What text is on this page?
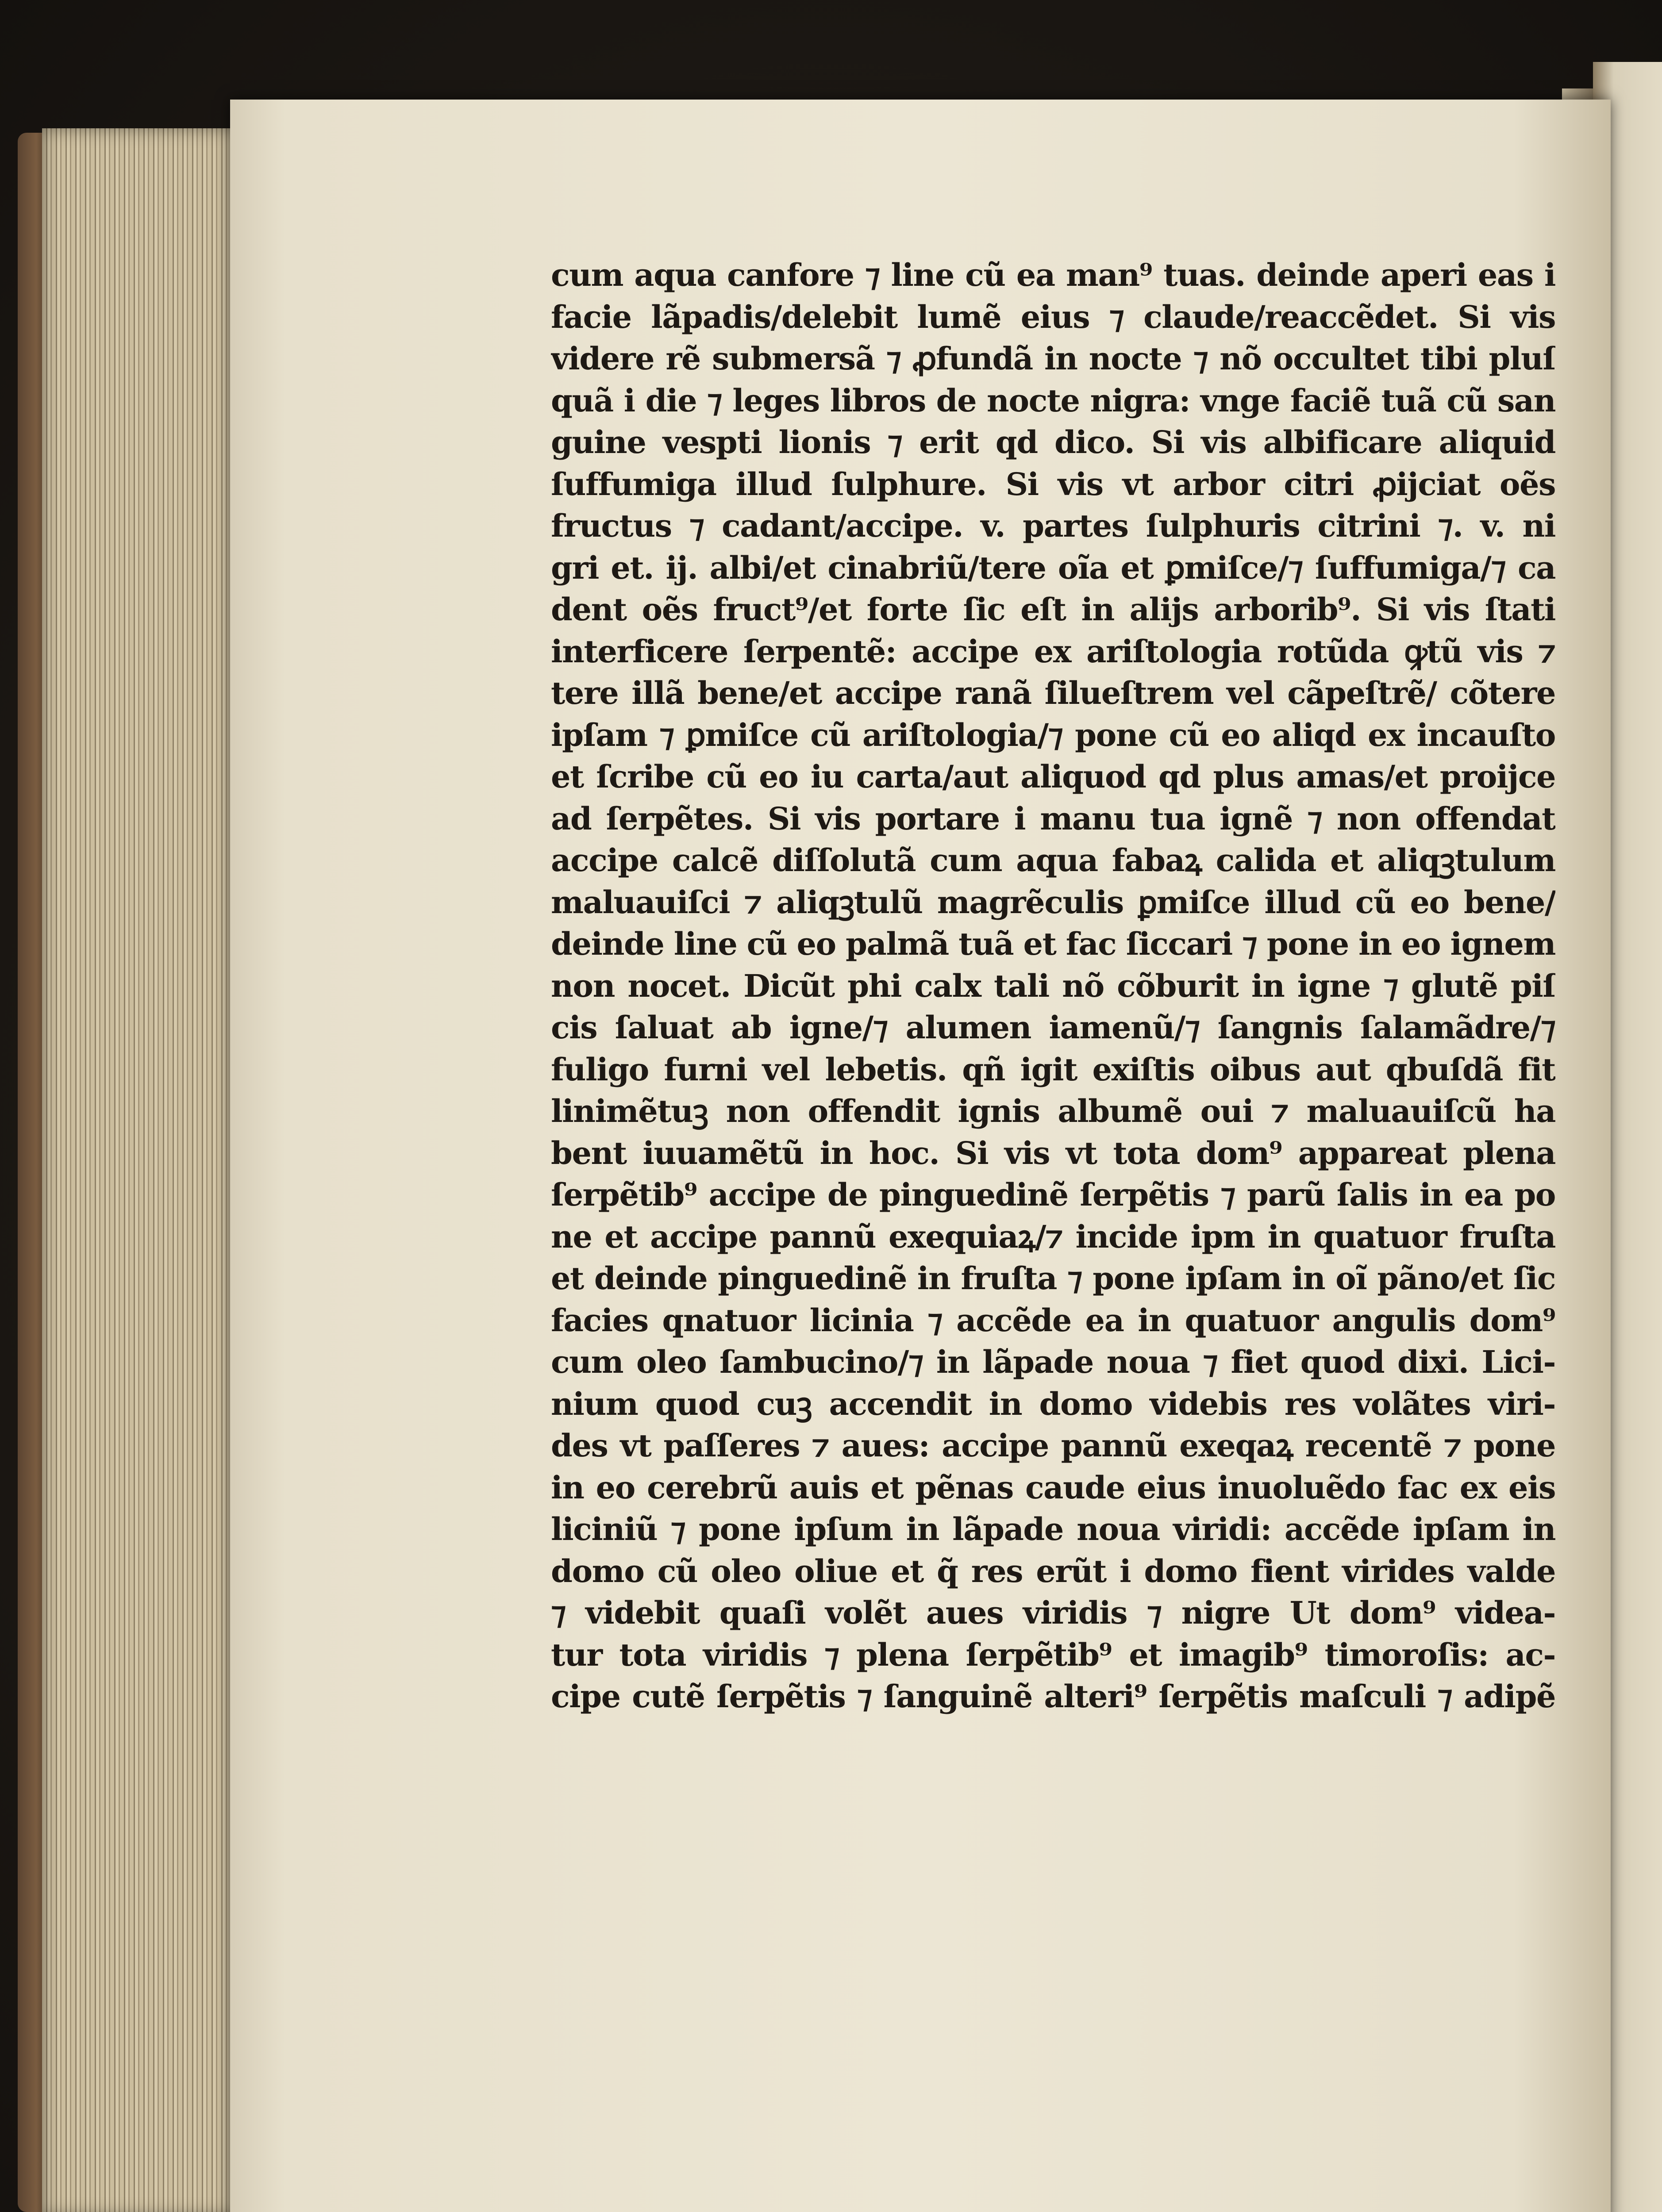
cum aqua canfore ⁊ line cũ ea man⁹ tuas. deinde aperi eas i
facie lãpadis/delebit lumẽ eius ⁊ claude/reaccẽdet. Si vis
videre rẽ submersã ⁊ ꝓfundã in nocte ⁊ nõ occultet tibi pluſ
quã i die ⁊ leges libros de nocte nigra: vnge faciẽ tuã cũ san
guine vespti lionis ⁊ erit qd dico. Si vis albificare aliquid
ſuffumiga illud ſulphure. Si vis vt arbor citri ꝓijciat oẽs
fructus ⁊ cadant/accipe. v. partes ſulphuris citrini ⁊. v. ni
gri et. ij. albi/et cinabriũ/tere oĩa et ꝑmiſce/⁊ ſuffumiga/⁊ ca
dent oẽs fruct⁹/et forte ſic eſt in alijs arborib⁹. Si vis ſtati
interficere ſerpentẽ: accipe ex ariſtologia rotũda ꝙtũ vis ⁊
tere illã bene/et accipe ranã ſilueſtrem vel cãpeſtrẽ/ cõtere
ipſam ⁊ ꝑmiſce cũ ariſtologia/⁊ pone cũ eo aliqd ex incauſto
et ſcribe cũ eo iu carta/aut aliquod qd plus amas/et proijce
ad ſerpẽtes. Si vis portare i manu tua ignẽ ⁊ non offendat
accipe calcẽ diſſolutã cum aqua fabaꝝ calida et aliqꝫtulum
maluauiſci ⁊ aliqꝫtulũ magrẽculis ꝑmiſce illud cũ eo bene/
deinde line cũ eo palmã tuã et fac ſiccari ⁊ pone in eo ignem
non nocet. Dicũt phi calx tali nõ cõburit in igne ⁊ glutẽ piſ
cis ſaluat ab igne/⁊ alumen iamenũ/⁊ ſangnis ſalamãdre/⁊
fuligo furni vel lebetis. qñ igit exiſtis oibus aut qbuſdã fit
linimẽtuꝫ non offendit ignis albumẽ oui ⁊ maluauiſcũ ha
bent iuuamẽtũ in hoc. Si vis vt tota dom⁹ appareat plena
ſerpẽtib⁹ accipe de pinguedinẽ ſerpẽtis ⁊ parũ ſalis in ea po
ne et accipe pannũ exequiaꝝ/⁊ incide ipm in quatuor fruſta
et deinde pinguedinẽ in fruſta ⁊ pone ipſam in oĩ pãno/et ſic
facies qnatuor licinia ⁊ accẽde ea in quatuor angulis dom⁹
cum oleo ſambucino/⁊ in lãpade noua ⁊ fiet quod dixi. Lici-
nium quod cuꝫ accendit in domo videbis res volãtes viri-
des vt paſſeres ⁊ aues: accipe pannũ exeqaꝝ recentẽ ⁊ pone
in eo cerebrũ auis et pẽnas caude eius inuoluẽdo fac ex eis
liciniũ ⁊ pone ipſum in lãpade noua viridi: accẽde ipſam in
domo cũ oleo oliue et q̃ res erũt i domo fient virides valde
⁊ videbit quaſi volẽt aues viridis ⁊ nigre Ut dom⁹ videa-
tur tota viridis ⁊ plena ſerpẽtib⁹ et imagib⁹ timoroſis: ac-
cipe cutẽ ſerpẽtis ⁊ ſanguinẽ alteri⁹ ſerpẽtis maſculi ⁊ adipẽ
